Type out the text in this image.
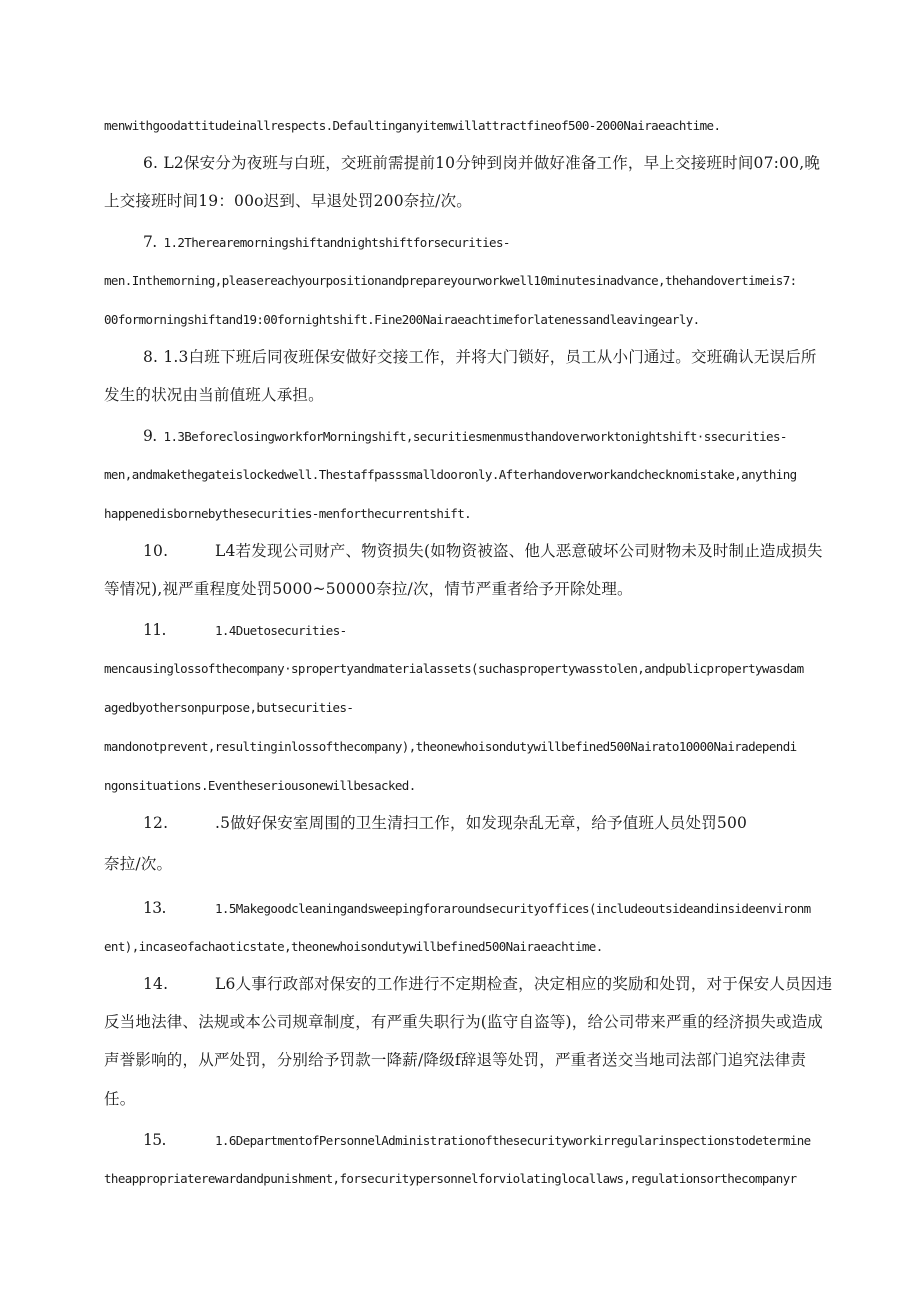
menwithgoodattitudeinallrespects.Defaultinganyitemwillattractfineof500-2000Nairaeachtime.
6. L2保安分为夜班与白班，交班前需提前10分钟到岗并做好准备工作，早上交接班时间07:00,晚
上交接班时间19：00o迟到、早退处罚200奈拉/次。
7. 1.2Therearemorningshiftandnightshiftforsecurities-
men.Inthemorning,pleasereachyourpositionandprepareyourworkwell10minutesinadvance,thehandovertimeis7:
00formorningshiftand19:00fornightshift.Fine200Nairaeachtimeforlatenessandleavingearly.
8. 1.3白班下班后同夜班保安做好交接工作，并将大门锁好，员工从小门通过。交班确认无误后所
发生的状况由当前值班人承担。
9. 1.3BeforeclosingworkforMorningshift,securitiesmenmusthandoverworktonightshift·ssecurities-
men,andmakethegateislockedwell.Thestaffpasssmalldooronly.Afterhandoverworkandchecknomistake,anything
happenedisbornebythesecurities-menforthecurrentshift.
10.	L4若发现公司财产、物资损失(如物资被盗、他人恶意破坏公司财物未及时制止造成损失
等情况),视严重程度处罚5000~50000奈拉/次，情节严重者给予开除处理。
11.	1.4Duetosecurities-
mencausinglossofthecompany·spropertyandmaterialassets(suchaspropertywasstolen,andpublicpropertywasdam
agedbyothersonpurpose,butsecurities-
mandonotprevent,resultinginlossofthecompany),theonewhoisondutywillbefined500Nairato10000Nairadependi
ngonsituations.Eventheseriousonewillbesacked.
12.	.5做好保安室周围的卫生清扫工作，如发现杂乱无章，给予值班人员处罚500
奈拉/次。
13.	1.5Makegoodcleaningandsweepingforaroundsecurityoffices(includeoutsideandinsideenvironm
ent),incaseofachaoticstate,theonewhoisondutywillbefined500Nairaeachtime.
14.	L6人事行政部对保安的工作进行不定期检查，决定相应的奖励和处罚，对于保安人员因违
反当地法律、法规或本公司规章制度，有严重失职行为(监守自盗等)，给公司带来严重的经济损失或造成
声誉影响的，从严处罚，分别给予罚款一降薪/降级f辞退等处罚，严重者送交当地司法部门追究法律责
任。
15.	1.6DepartmentofPersonnelAdministrationofthesecurityworkirregularinspectionstodetermine
theappropriaterewardandpunishment,forsecuritypersonnelforviolatinglocallaws,regulationsorthecompanyr
